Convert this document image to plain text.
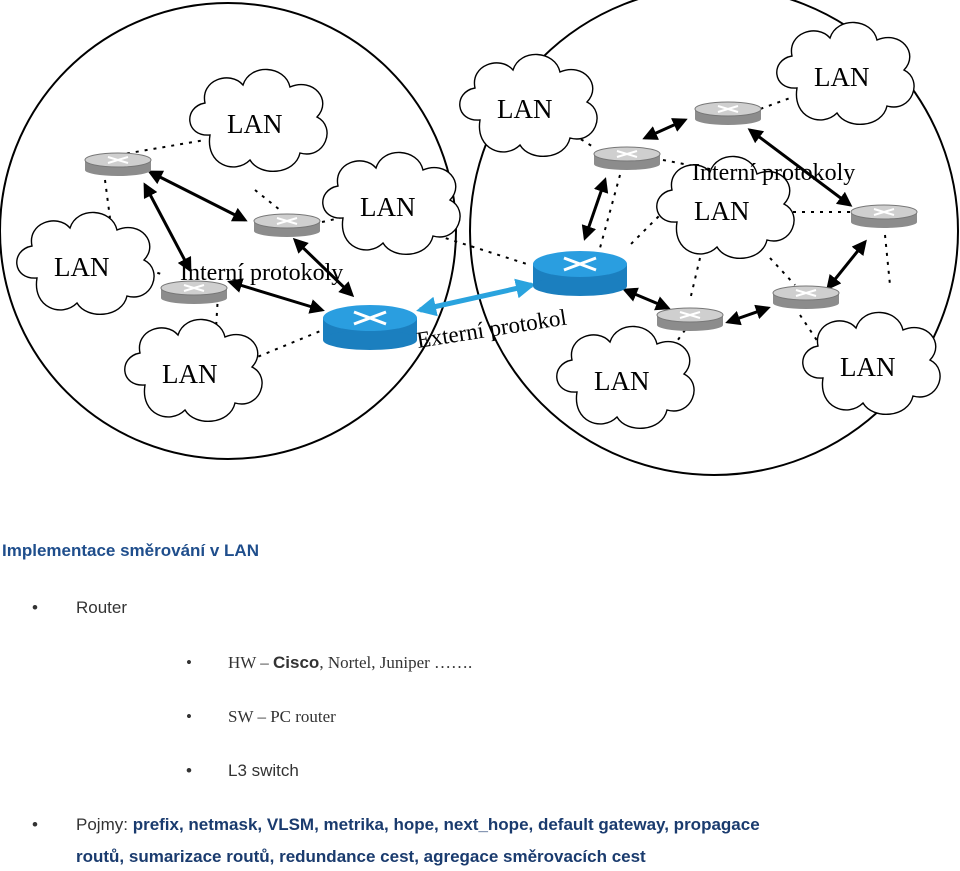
LAN
LAN
LAN
LAN
LAN
LAN
LAN
LAN	LAN
Interní protokoly
Interní protokoly
Externí protokol
Implementace směrování v LAN
• Router
• HW – Cisco, Nortel, Juniper …….
• SW – PC router
• L3 switch
• Pojmy: prefix, netmask, VLSM, metrika, hope, next_hope, default gateway, propagace
routů, sumarizace routů, redundance cest, agregace směrovacích cest
